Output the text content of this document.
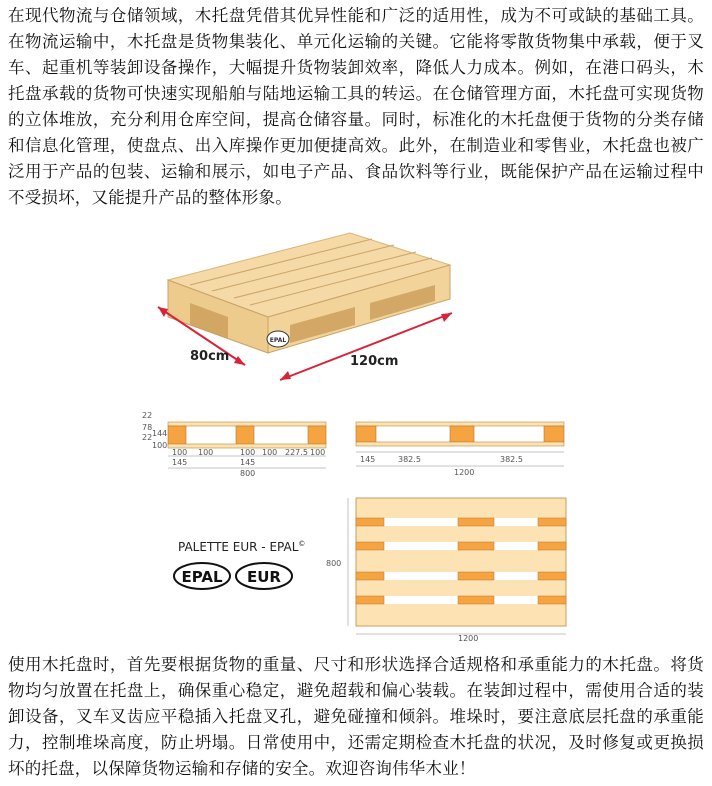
在现代物流与仓储领域，木托盘凭借其优异性能和广泛的适用性，成为不可或缺的基础工具。在物流运输中，木托盘是货物集装化、单元化运输的关键。它能将零散货物集中承载，便于叉车、起重机等装卸设备操作，大幅提升货物装卸效率，降低人力成本。例如，在港口码头，木托盘承载的货物可快速实现船舶与陆地运输工具的转运。在仓储管理方面，木托盘可实现货物的立体堆放，充分利用仓库空间，提高仓储容量。同时，标准化的木托盘便于货物的分类存储和信息化管理，使盘点、出入库操作更加便捷高效。此外，在制造业和零售业，木托盘也被广泛用于产品的包装、运输和展示，如电子产品、食品饮料等行业，既能保护产品在运输过程中不受损坏，又能提升产品的整体形象。

EPAL
80cm	120cm
100 100
145
100 100
145
227.5 100
800
22
78
22
100
144
145	382.5	382.5
1200
800
1200
PALETTE EUR - EPAL©
EPAL EUR

使用木托盘时，首先要根据货物的重量、尺寸和形状选择合适规格和承重能力的木托盘。将货物均匀放置在托盘上，确保重心稳定，避免超载和偏心装载。在装卸过程中，需使用合适的装卸设备，叉车叉齿应平稳插入托盘叉孔，避免碰撞和倾斜。堆垛时，要注意底层托盘的承重能力，控制堆垛高度，防止坍塌。日常使用中，还需定期检查木托盘的状况，及时修复或更换损坏的托盘，以保障货物运输和存储的安全。欢迎咨询伟华木业！
